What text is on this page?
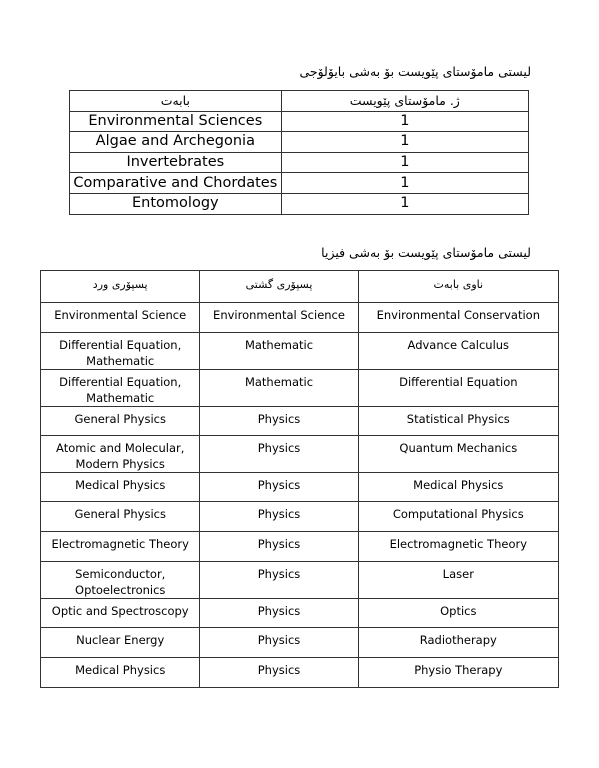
لیستی مامۆستای پێویست بۆ بەشی بایۆلۆجی
بابەت	ژ. مامۆستای پێویست
Environmental Sciences	1
Algae and Archegonia	1
Invertebrates	1
Comparative and Chordates	1
Entomology	1
لیستی مامۆستای پێویست بۆ بەشی فیزیا
پسپۆری ورد	پسپۆری گشتی	ناوی بابەت
Environmental Science	Environmental Science	Environmental Conservation
Differential Equation, Mathematic	Mathematic	Advance Calculus
Differential Equation, Mathematic	Mathematic	Differential Equation
General Physics	Physics	Statistical Physics
Atomic and Molecular, Modern Physics	Physics	Quantum Mechanics
Medical Physics	Physics	Medical Physics
General Physics	Physics	Computational Physics
Electromagnetic Theory	Physics	Electromagnetic Theory
Semiconductor, Optoelectronics	Physics	Laser
Optic and Spectroscopy	Physics	Optics
Nuclear Energy	Physics	Radiotherapy
Medical Physics	Physics	Physio Therapy
